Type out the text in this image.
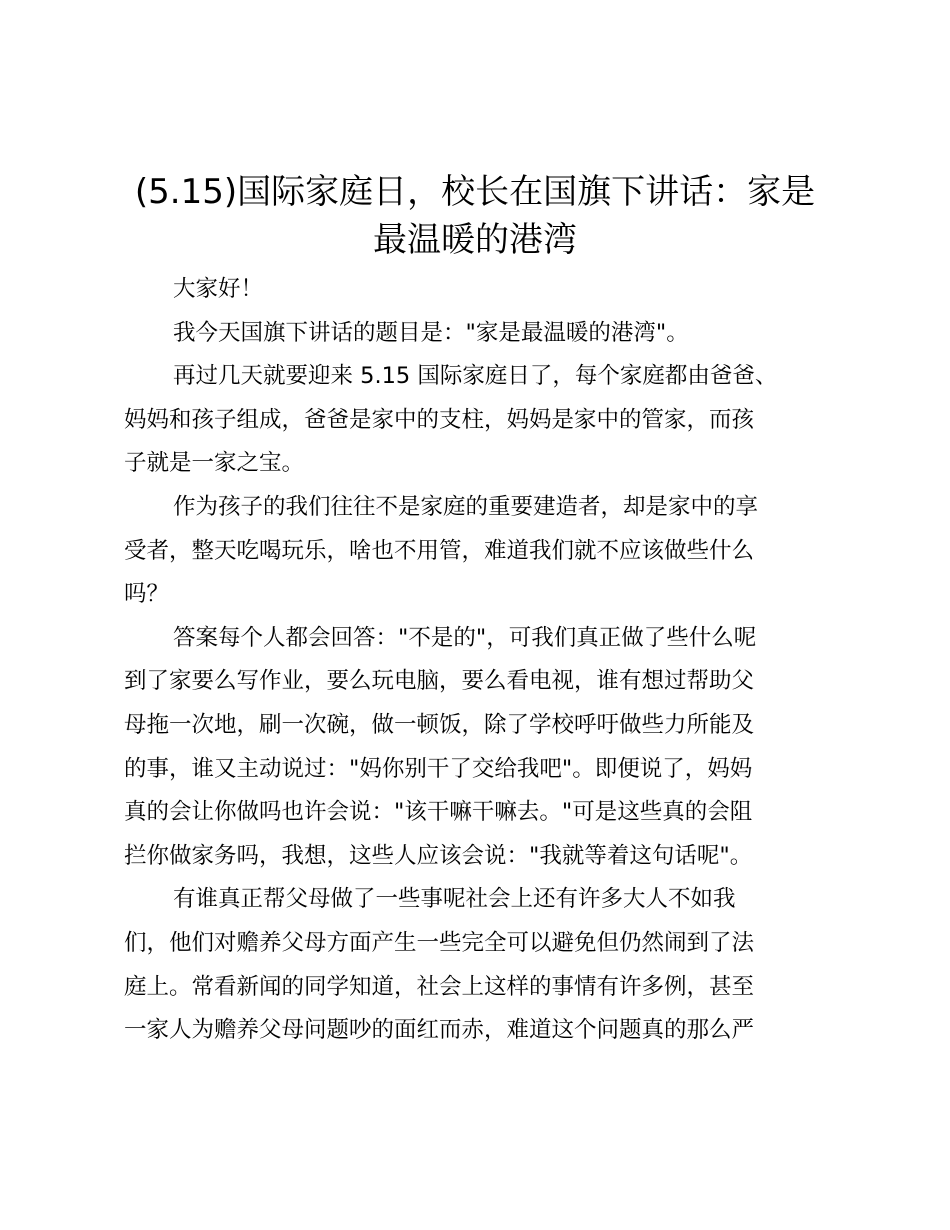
(5.15)国际家庭日，校长在国旗下讲话：家是
最温暖的港湾

大家好！

我今天国旗下讲话的题目是："家是最温暖的港湾"。

再过几天就要迎来 5.15 国际家庭日了，每个家庭都由爸爸、
妈妈和孩子组成，爸爸是家中的支柱，妈妈是家中的管家，而孩
子就是一家之宝。

作为孩子的我们往往不是家庭的重要建造者，却是家中的享
受者，整天吃喝玩乐，啥也不用管，难道我们就不应该做些什么
吗？

答案每个人都会回答："不是的"，可我们真正做了些什么呢
到了家要么写作业，要么玩电脑，要么看电视，谁有想过帮助父
母拖一次地，刷一次碗，做一顿饭，除了学校呼吁做些力所能及
的事，谁又主动说过："妈你别干了交给我吧"。即便说了，妈妈
真的会让你做吗也许会说："该干嘛干嘛去。"可是这些真的会阻
拦你做家务吗，我想，这些人应该会说："我就等着这句话呢"。

有谁真正帮父母做了一些事呢社会上还有许多大人不如我
们，他们对赡养父母方面产生一些完全可以避免但仍然闹到了法
庭上。常看新闻的同学知道，社会上这样的事情有许多例，甚至
一家人为赡养父母问题吵的面红而赤，难道这个问题真的那么严
